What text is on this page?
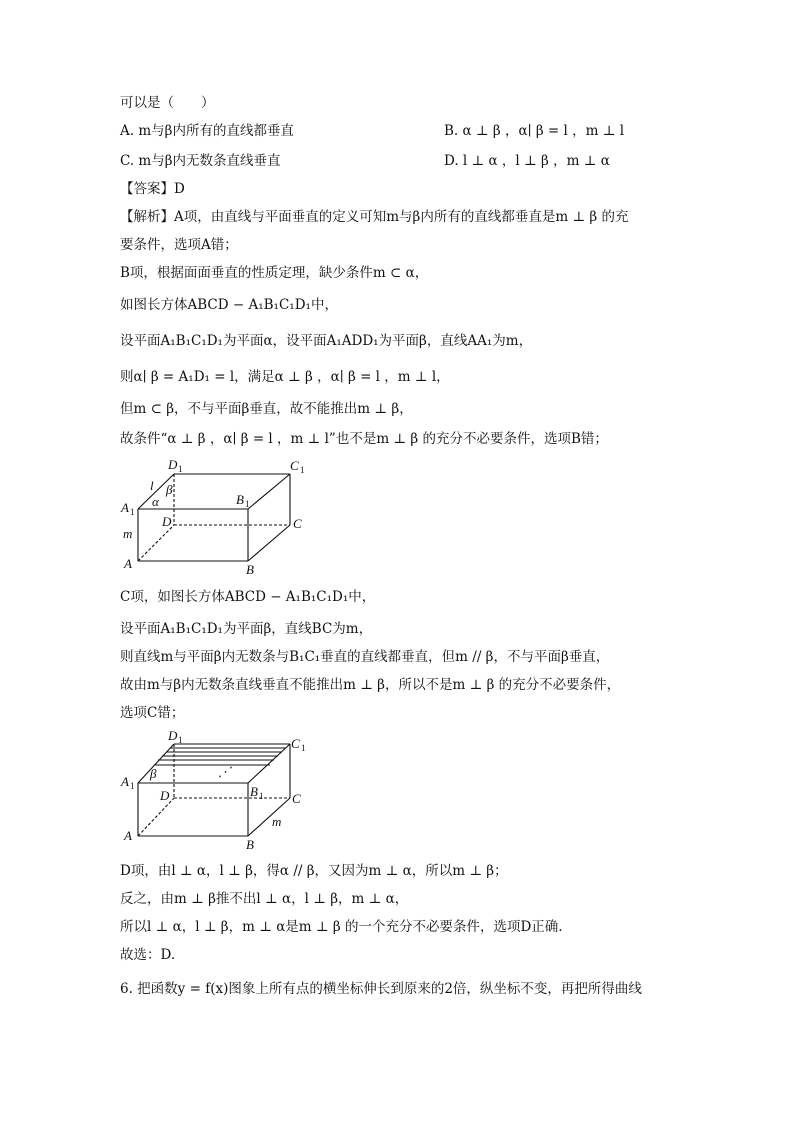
可以是（　　）
A. m与β内所有的直线都垂直	B. α ⊥ β ，α∣ β = l ，m ⊥ l
C. m与β内无数条直线垂直	D. l ⊥ α ，l ⊥ β ，m ⊥ α
【答案】D
【解析】A项，由直线与平面垂直的定义可知m与β内所有的直线都垂直是m ⊥ β 的充
要条件，选项A错；
B项，根据面面垂直的性质定理，缺少条件m ⊂ α，
如图长方体ABCD − A₁B₁C₁D₁中，
设平面A₁B₁C₁D₁为平面α，设平面A₁ADD₁为平面β，直线AA₁为m，
则α∣ β = A₁D₁ = l，满足α ⊥ β ，α∣ β = l ，m ⊥ l，
但m ⊂ β，不与平面β垂直，故不能推出m ⊥ β，
故条件“α ⊥ β ，α∣ β = l ，m ⊥ l”也不是m ⊥ β 的充分不必要条件，选项B错；
D 1	C 1
A 1
B 1
D	C
A	B
m
l β
α
C项，如图长方体ABCD − A₁B₁C₁D₁中，
设平面A₁B₁C₁D₁为平面β，直线BC为m，
则直线m与平面β内无数条与B₁C₁垂直的直线都垂直，但m // β，不与平面β垂直，
故由m与β内无数条直线垂直不能推出m ⊥ β，所以不是m ⊥ β 的充分不必要条件，
选项C错；
D 1	C 1
A 1	B 1
D	C
A
B
m
β	⋰
D项，由l ⊥ α，l ⊥ β，得α // β，又因为m ⊥ α，所以m ⊥ β；
反之，由m ⊥ β推不出l ⊥ α，l ⊥ β，m ⊥ α，
所以l ⊥ α，l ⊥ β，m ⊥ α是m ⊥ β 的一个充分不必要条件，选项D正确.
故选：D.
6. 把函数y = f(x)图象上所有点的横坐标伸长到原来的2倍，纵坐标不变，再把所得曲线
